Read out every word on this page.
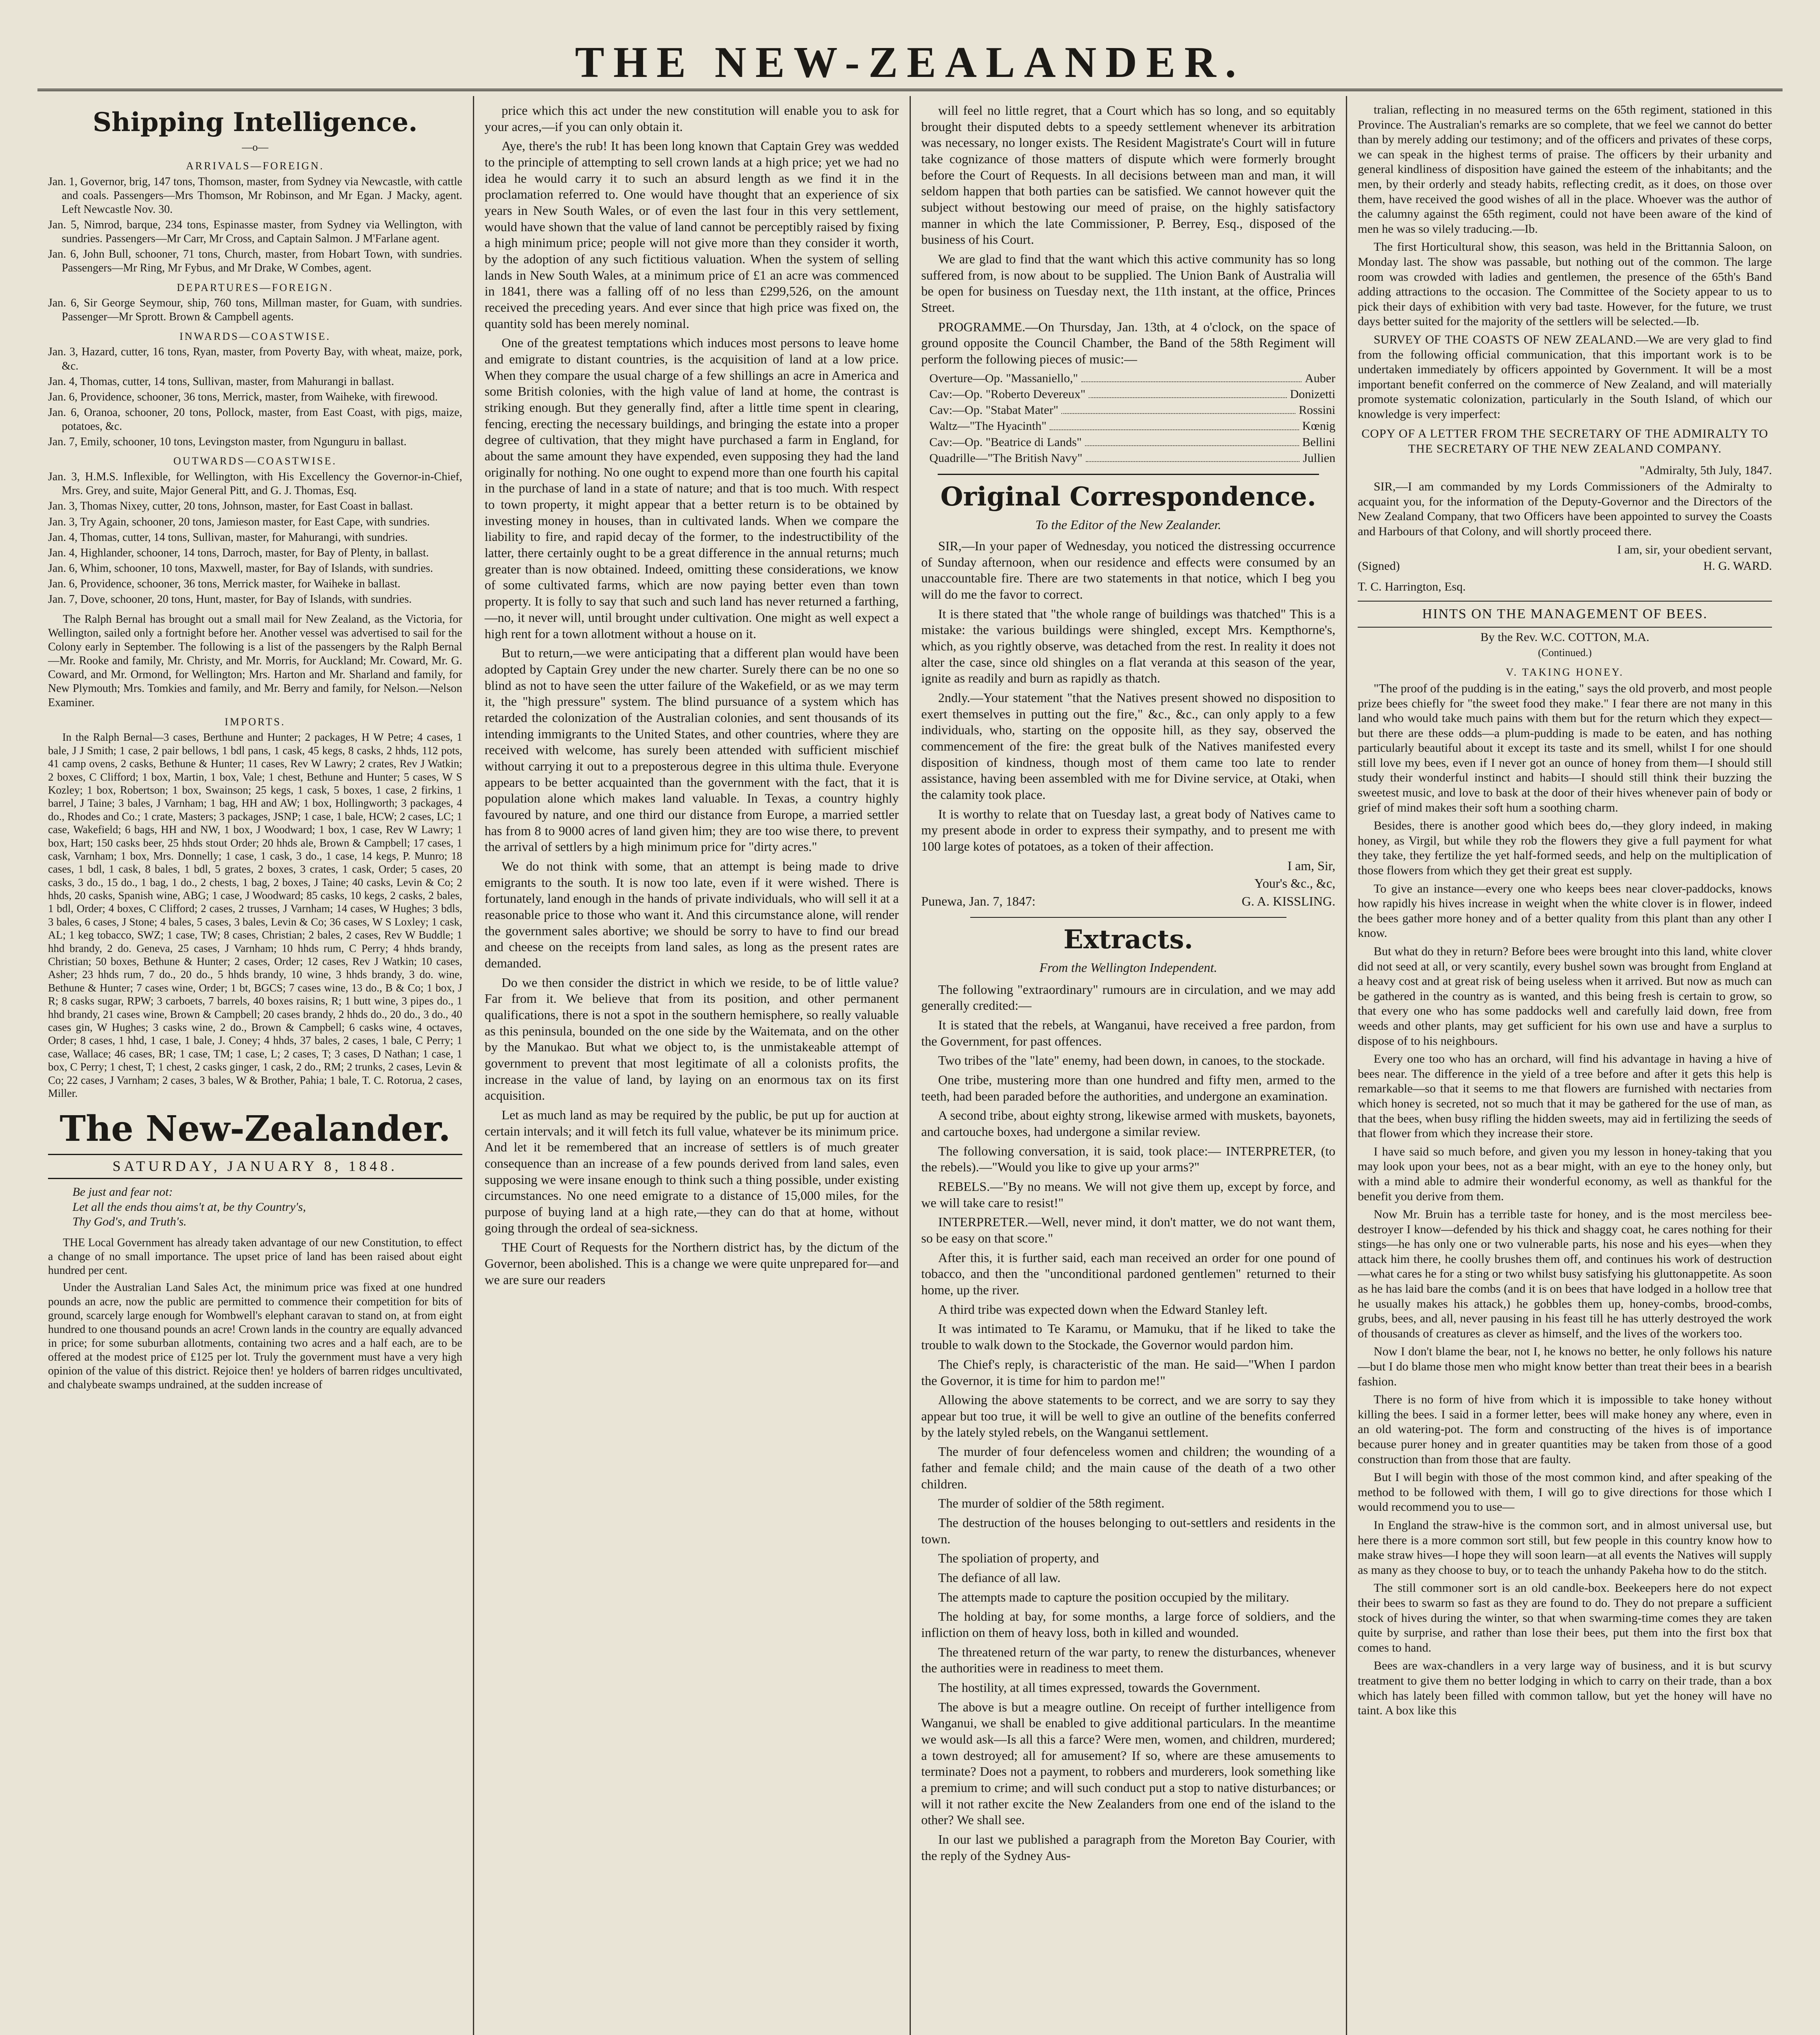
THE NEW-ZEALANDER.
Shipping Intelligence.
—o—
ARRIVALS—FOREIGN.

Jan. 1, Governor, brig, 147 tons, Thomson, master, from Sydney via Newcastle, with cattle and coals. Passengers—Mrs Thomson, Mr Robinson, and Mr Egan. J Macky, agent. Left Newcastle Nov. 30.

Jan. 5, Nimrod, barque, 234 tons, Espinasse master, from Sydney via Wellington, with sundries. Passengers—Mr Carr, Mr Cross, and Captain Salmon. J M'Farlane agent.

Jan. 6, John Bull, schooner, 71 tons, Church, master, from Hobart Town, with sundries. Passengers—Mr Ring, Mr Fybus, and Mr Drake, W Combes, agent.

DEPARTURES—FOREIGN.

Jan. 6, Sir George Seymour, ship, 760 tons, Millman master, for Guam, with sundries. Passenger—Mr Sprott. Brown & Campbell agents.

INWARDS—COASTWISE.

Jan. 3, Hazard, cutter, 16 tons, Ryan, master, from Poverty Bay, with wheat, maize, pork, &c.

Jan. 4, Thomas, cutter, 14 tons, Sullivan, master, from Mahurangi in ballast.

Jan. 6, Providence, schooner, 36 tons, Merrick, master, from Waiheke, with firewood.

Jan. 6, Oranoa, schooner, 20 tons, Pollock, master, from East Coast, with pigs, maize, potatoes, &c.

Jan. 7, Emily, schooner, 10 tons, Levingston master, from Ngunguru in ballast.

OUTWARDS—COASTWISE.

Jan. 3, H.M.S. Inflexible, for Wellington, with His Excellency the Governor-in-Chief, Mrs. Grey, and suite, Major General Pitt, and G. J. Thomas, Esq.

Jan. 3, Thomas Nixey, cutter, 20 tons, Johnson, master, for East Coast in ballast.

Jan. 3, Try Again, schooner, 20 tons, Jamieson master, for East Cape, with sundries.

Jan. 4, Thomas, cutter, 14 tons, Sullivan, master, for Mahurangi, with sundries.

Jan. 4, Highlander, schooner, 14 tons, Darroch, master, for Bay of Plenty, in ballast.

Jan. 6, Whim, schooner, 10 tons, Maxwell, master, for Bay of Islands, with sundries.

Jan. 6, Providence, schooner, 36 tons, Merrick master, for Waiheke in ballast.

Jan. 7, Dove, schooner, 20 tons, Hunt, master, for Bay of Islands, with sundries.

The Ralph Bernal has brought out a small mail for New Zealand, as the Victoria, for Wellington, sailed only a fortnight before her. Another vessel was advertised to sail for the Colony early in September. The following is a list of the passengers by the Ralph Bernal—Mr. Rooke and family, Mr. Christy, and Mr. Morris, for Auckland; Mr. Coward, Mr. G. Coward, and Mr. Ormond, for Wellington; Mrs. Harton and Mr. Sharland and family, for New Plymouth; Mrs. Tomkies and family, and Mr. Berry and family, for Nelson.—Nelson Examiner.

IMPORTS.

In the Ralph Bernal—3 cases, Berthune and Hunter; 2 packages, H W Petre; 4 cases, 1 bale, J J Smith; 1 case, 2 pair bellows, 1 bdl pans, 1 cask, 45 kegs, 8 casks, 2 hhds, 112 pots, 41 camp ovens, 2 casks, Bethune & Hunter; 11 cases, Rev W Lawry; 2 crates, Rev J Watkin; 2 boxes, C Clifford; 1 box, Martin, 1 box, Vale; 1 chest, Bethune and Hunter; 5 cases, W S Kozley; 1 box, Robertson; 1 box, Swainson; 25 kegs, 1 cask, 5 boxes, 1 case, 2 firkins, 1 barrel, J Taine; 3 bales, J Varnham; 1 bag, HH and AW; 1 box, Hollingworth; 3 packages, 4 do., Rhodes and Co.; 1 crate, Masters; 3 packages, JSNP; 1 case, 1 bale, HCW; 2 cases, LC; 1 case, Wakefield; 6 bags, HH and NW, 1 box, J Woodward; 1 box, 1 case, Rev W Lawry; 1 box, Hart; 150 casks beer, 25 hhds stout Order; 20 hhds ale, Brown & Campbell; 17 cases, 1 cask, Varnham; 1 box, Mrs. Donnelly; 1 case, 1 cask, 3 do., 1 case, 14 kegs, P. Munro; 18 cases, 1 bdl, 1 cask, 8 bales, 1 bdl, 5 grates, 2 boxes, 3 crates, 1 cask, Order; 5 cases, 20 casks, 3 do., 15 do., 1 bag, 1 do., 2 chests, 1 bag, 2 boxes, J Taine; 40 casks, Levin & Co; 2 hhds, 20 casks, Spanish wine, ABG; 1 case, J Woodward; 85 casks, 10 kegs, 2 casks, 2 bales, 1 bdl, Order; 4 boxes, C Clifford; 2 cases, 2 trusses, J Varnham; 14 cases, W Hughes; 3 bdls, 3 bales, 6 cases, J Stone; 4 bales, 5 cases, 3 bales, Levin & Co; 36 cases, W S Loxley; 1 cask, AL; 1 keg tobacco, SWZ; 1 case, TW; 8 cases, Christian; 2 bales, 2 cases, Rev W Buddle; 1 hhd brandy, 2 do. Geneva, 25 cases, J Varnham; 10 hhds rum, C Perry; 4 hhds brandy, Christian; 50 boxes, Bethune & Hunter; 2 cases, Order; 12 cases, Rev J Watkin; 10 cases, Asher; 23 hhds rum, 7 do., 20 do., 5 hhds brandy, 10 wine, 3 hhds brandy, 3 do. wine, Bethune & Hunter; 7 cases wine, Order; 1 bt, BGCS; 7 cases wine, 13 do., B & Co; 1 box, J R; 8 casks sugar, RPW; 3 carboets, 7 barrels, 40 boxes raisins, R; 1 butt wine, 3 pipes do., 1 hhd brandy, 21 cases wine, Brown & Campbell; 20 cases brandy, 2 hhds do., 20 do., 3 do., 40 cases gin, W Hughes; 3 casks wine, 2 do., Brown & Campbell; 6 casks wine, 4 octaves, Order; 8 cases, 1 hhd, 1 case, 1 bale, J. Coney; 4 hhds, 37 bales, 2 cases, 1 bale, C Perry; 1 case, Wallace; 46 cases, BR; 1 case, TM; 1 case, L; 2 cases, T; 3 cases, D Nathan; 1 case, 1 box, C Perry; 1 chest, T; 1 chest, 2 casks ginger, 1 cask, 2 do., RM; 2 trunks, 2 cases, Levin & Co; 22 cases, J Varnham; 2 cases, 3 bales, W & Brother, Pahia; 1 bale, T. C. Rotorua, 2 cases, Miller.

The New-Zealander.
SATURDAY, JANUARY 8, 1848.
Be just and fear not:
Let all the ends thou aims't at, be thy Country's,
Thy God's, and Truth's.

THE Local Government has already taken advantage of our new Constitution, to effect a change of no small importance. The upset price of land has been raised about eight hundred per cent.

Under the Australian Land Sales Act, the minimum price was fixed at one hundred pounds an acre, now the public are permitted to commence their competition for bits of ground, scarcely large enough for Wombwell's elephant caravan to stand on, at from eight hundred to one thousand pounds an acre! Crown lands in the country are equally advanced in price; for some suburban allotments, containing two acres and a half each, are to be offered at the modest price of £125 per lot. Truly the government must have a very high opinion of the value of this district. Rejoice then! ye holders of barren ridges uncultivated, and chalybeate swamps undrained, at the sudden increase of

price which this act under the new constitution will enable you to ask for your acres,—if you can only obtain it.

Aye, there's the rub! It has been long known that Captain Grey was wedded to the principle of attempting to sell crown lands at a high price; yet we had no idea he would carry it to such an absurd length as we find it in the proclamation referred to. One would have thought that an experience of six years in New South Wales, or of even the last four in this very settlement, would have shown that the value of land cannot be perceptibly raised by fixing a high minimum price; people will not give more than they consider it worth, by the adoption of any such fictitious valuation. When the system of selling lands in New South Wales, at a minimum price of £1 an acre was commenced in 1841, there was a falling off of no less than £299,526, on the amount received the preceding years. And ever since that high price was fixed on, the quantity sold has been merely nominal.

One of the greatest temptations which induces most persons to leave home and emigrate to distant countries, is the acquisition of land at a low price. When they compare the usual charge of a few shillings an acre in America and some British colonies, with the high value of land at home, the contrast is striking enough. But they generally find, after a little time spent in clearing, fencing, erecting the necessary buildings, and bringing the estate into a proper degree of cultivation, that they might have purchased a farm in England, for about the same amount they have expended, even supposing they had the land originally for nothing. No one ought to expend more than one fourth his capital in the purchase of land in a state of nature; and that is too much. With respect to town property, it might appear that a better return is to be obtained by investing money in houses, than in cultivated lands. When we compare the liability to fire, and rapid decay of the former, to the indestructibility of the latter, there certainly ought to be a great difference in the annual returns; much greater than is now obtained. Indeed, omitting these considerations, we know of some cultivated farms, which are now paying better even than town property. It is folly to say that such and such land has never returned a farthing,—no, it never will, until brought under cultivation. One might as well expect a high rent for a town allotment without a house on it.

But to return,—we were anticipating that a different plan would have been adopted by Captain Grey under the new charter. Surely there can be no one so blind as not to have seen the utter failure of the Wakefield, or as we may term it, the "high pressure" system. The blind pursuance of a system which has retarded the colonization of the Australian colonies, and sent thousands of its intending immigrants to the United States, and other countries, where they are received with welcome, has surely been attended with sufficient mischief without carrying it out to a preposterous degree in this ultima thule. Everyone appears to be better acquainted than the government with the fact, that it is population alone which makes land valuable. In Texas, a country highly favoured by nature, and one third our distance from Europe, a married settler has from 8 to 9000 acres of land given him; they are too wise there, to prevent the arrival of settlers by a high minimum price for "dirty acres."

We do not think with some, that an attempt is being made to drive emigrants to the south. It is now too late, even if it were wished. There is fortunately, land enough in the hands of private individuals, who will sell it at a reasonable price to those who want it. And this circumstance alone, will render the government sales abortive; we should be sorry to have to find our bread and cheese on the receipts from land sales, as long as the present rates are demanded.

Do we then consider the district in which we reside, to be of little value? Far from it. We believe that from its position, and other permanent qualifications, there is not a spot in the southern hemisphere, so really valuable as this peninsula, bounded on the one side by the Waitemata, and on the other by the Manukao. But what we object to, is the unmistakeable attempt of government to prevent that most legitimate of all a colonists profits, the increase in the value of land, by laying on an enormous tax on its first acquisition.

Let as much land as may be required by the public, be put up for auction at certain intervals; and it will fetch its full value, whatever be its minimum price. And let it be remembered that an increase of settlers is of much greater consequence than an increase of a few pounds derived from land sales, even supposing we were insane enough to think such a thing possible, under existing circumstances. No one need emigrate to a distance of 15,000 miles, for the purpose of buying land at a high rate,—they can do that at home, without going through the ordeal of sea-sickness.

THE Court of Requests for the Northern district has, by the dictum of the Governor, been abolished. This is a change we were quite unprepared for—and we are sure our readers

will feel no little regret, that a Court which has so long, and so equitably brought their disputed debts to a speedy settlement whenever its arbitration was necessary, no longer exists. The Resident Magistrate's Court will in future take cognizance of those matters of dispute which were formerly brought before the Court of Requests. In all decisions between man and man, it will seldom happen that both parties can be satisfied. We cannot however quit the subject without bestowing our meed of praise, on the highly satisfactory manner in which the late Commissioner, P. Berrey, Esq., disposed of the business of his Court.

We are glad to find that the want which this active community has so long suffered from, is now about to be supplied. The Union Bank of Australia will be open for business on Tuesday next, the 11th instant, at the office, Princes Street.

PROGRAMME.—On Thursday, Jan. 13th, at 4 o'clock, on the space of ground opposite the Council Chamber, the Band of the 58th Regiment will perform the following pieces of music:—

Overture—Op. "Massaniello,"	Auber
Cav:—Op. "Roberto Devereux"	Donizetti
Cav:—Op. "Stabat Mater"	Rossini
Waltz—"The Hyacinth"	Kœnig
Cav:—Op. "Beatrice di Lands"	Bellini
Quadrille—"The British Navy"	Jullien
Original Correspondence.
To the Editor of the New Zealander.

SIR,—In your paper of Wednesday, you noticed the distressing occurrence of Sunday afternoon, when our residence and effects were consumed by an unaccountable fire. There are two statements in that notice, which I beg you will do me the favor to correct.

It is there stated that "the whole range of buildings was thatched" This is a mistake: the various buildings were shingled, except Mrs. Kempthorne's, which, as you rightly observe, was detached from the rest. In reality it does not alter the case, since old shingles on a flat veranda at this season of the year, ignite as readily and burn as rapidly as thatch.

2ndly.—Your statement "that the Natives present showed no disposition to exert themselves in putting out the fire," &c., &c., can only apply to a few individuals, who, starting on the opposite hill, as they say, observed the commencement of the fire: the great bulk of the Natives manifested every disposition of kindness, though most of them came too late to render assistance, having been assembled with me for Divine service, at Otaki, when the calamity took place.

It is worthy to relate that on Tuesday last, a great body of Natives came to my present abode in order to express their sympathy, and to present me with 100 large kotes of potatoes, as a token of their affection.

I am, Sir,
Your's &c., &c,
Punewa, Jan. 7, 1847:	G. A. KISSLING.
Extracts.
From the Wellington Independent.

The following "extraordinary" rumours are in circulation, and we may add generally credited:—

It is stated that the rebels, at Wanganui, have received a free pardon, from the Government, for past offences.

Two tribes of the "late" enemy, had been down, in canoes, to the stockade.

One tribe, mustering more than one hundred and fifty men, armed to the teeth, had been paraded before the authorities, and undergone an examination.

A second tribe, about eighty strong, likewise armed with muskets, bayonets, and cartouche boxes, had undergone a similar review.

The following conversation, it is said, took place:— INTERPRETER, (to the rebels).—"Would you like to give up your arms?"

REBELS.—"By no means. We will not give them up, except by force, and we will take care to resist!"

INTERPRETER.—Well, never mind, it don't matter, we do not want them, so be easy on that score."

After this, it is further said, each man received an order for one pound of tobacco, and then the "unconditional pardoned gentlemen" returned to their home, up the river.

A third tribe was expected down when the Edward Stanley left.

It was intimated to Te Karamu, or Mamuku, that if he liked to take the trouble to walk down to the Stockade, the Governor would pardon him.

The Chief's reply, is characteristic of the man. He said—"When I pardon the Governor, it is time for him to pardon me!"

Allowing the above statements to be correct, and we are sorry to say they appear but too true, it will be well to give an outline of the benefits conferred by the lately styled rebels, on the Wanganui settlement.

The murder of four defenceless women and children; the wounding of a father and female child; and the main cause of the death of a two other children.

The murder of soldier of the 58th regiment.

The destruction of the houses belonging to out-settlers and residents in the town.

The spoliation of property, and

The defiance of all law.

The attempts made to capture the position occupied by the military.

The holding at bay, for some months, a large force of soldiers, and the infliction on them of heavy loss, both in killed and wounded.

The threatened return of the war party, to renew the disturbances, whenever the authorities were in readiness to meet them.

The hostility, at all times expressed, towards the Government.

The above is but a meagre outline. On receipt of further intelligence from Wanganui, we shall be enabled to give additional particulars. In the meantime we would ask—Is all this a farce? Were men, women, and children, murdered; a town destroyed; all for amusement? If so, where are these amusements to terminate? Does not a payment, to robbers and murderers, look something like a premium to crime; and will such conduct put a stop to native disturbances; or will it not rather excite the New Zealanders from one end of the island to the other? We shall see.

In our last we published a paragraph from the Moreton Bay Courier, with the reply of the Sydney Aus-

tralian, reflecting in no measured terms on the 65th regiment, stationed in this Province. The Australian's remarks are so complete, that we feel we cannot do better than by merely adding our testimony; and of the officers and privates of these corps, we can speak in the highest terms of praise. The officers by their urbanity and general kindliness of disposition have gained the esteem of the inhabitants; and the men, by their orderly and steady habits, reflecting credit, as it does, on those over them, have received the good wishes of all in the place. Whoever was the author of the calumny against the 65th regiment, could not have been aware of the kind of men he was so vilely traducing.—Ib.

The first Horticultural show, this season, was held in the Brittannia Saloon, on Monday last. The show was passable, but nothing out of the common. The large room was crowded with ladies and gentlemen, the presence of the 65th's Band adding attractions to the occasion. The Committee of the Society appear to us to pick their days of exhibition with very bad taste. However, for the future, we trust days better suited for the majority of the settlers will be selected.—Ib.

SURVEY OF THE COASTS OF NEW ZEALAND.—We are very glad to find from the following official communication, that this important work is to be undertaken immediately by officers appointed by Government. It will be a most important benefit conferred on the commerce of New Zealand, and will materially promote systematic colonization, particularly in the South Island, of which our knowledge is very imperfect:

COPY OF A LETTER FROM THE SECRETARY OF THE ADMIRALTY TO THE SECRETARY OF THE NEW ZEALAND COMPANY.
"Admiralty, 5th July, 1847.

SIR,—I am commanded by my Lords Commissioners of the Admiralty to acquaint you, for the information of the Deputy-Governor and the Directors of the New Zealand Company, that two Officers have been appointed to survey the Coasts and Harbours of that Colony, and will shortly proceed there.

I am, sir, your obedient servant,
(Signed)	H. G. WARD.
T. C. Harrington, Esq.
HINTS ON THE MANAGEMENT OF BEES.
By the Rev. W.C. COTTON, M.A.
(Continued.)
V. TAKING HONEY.

"The proof of the pudding is in the eating," says the old proverb, and most people prize bees chiefly for "the sweet food they make." I fear there are not many in this land who would take much pains with them but for the return which they expect—but there are these odds—a plum-pudding is made to be eaten, and has nothing particularly beautiful about it except its taste and its smell, whilst I for one should still love my bees, even if I never got an ounce of honey from them—I should still study their wonderful instinct and habits—I should still think their buzzing the sweetest music, and love to bask at the door of their hives whenever pain of body or grief of mind makes their soft hum a soothing charm.

Besides, there is another good which bees do,—they glory indeed, in making honey, as Virgil, but while they rob the flowers they give a full payment for what they take, they fertilize the yet half-formed seeds, and help on the multiplication of those flowers from which they get their great est supply.

To give an instance—every one who keeps bees near clover-paddocks, knows how rapidly his hives increase in weight when the white clover is in flower, indeed the bees gather more honey and of a better quality from this plant than any other I know.

But what do they in return? Before bees were brought into this land, white clover did not seed at all, or very scantily, every bushel sown was brought from England at a heavy cost and at great risk of being useless when it arrived. But now as much can be gathered in the country as is wanted, and this being fresh is certain to grow, so that every one who has some paddocks well and carefully laid down, free from weeds and other plants, may get sufficient for his own use and have a surplus to dispose of to his neighbours.

Every one too who has an orchard, will find his advantage in having a hive of bees near. The difference in the yield of a tree before and after it gets this help is remarkable—so that it seems to me that flowers are furnished with nectaries from which honey is secreted, not so much that it may be gathered for the use of man, as that the bees, when busy rifling the hidden sweets, may aid in fertilizing the seeds of that flower from which they increase their store.

I have said so much before, and given you my lesson in honey-taking that you may look upon your bees, not as a bear might, with an eye to the honey only, but with a mind able to admire their wonderful economy, as well as thankful for the benefit you derive from them.

Now Mr. Bruin has a terrible taste for honey, and is the most merciless bee-destroyer I know—defended by his thick and shaggy coat, he cares nothing for their stings—he has only one or two vulnerable parts, his nose and his eyes—when they attack him there, he coolly brushes them off, and continues his work of destruction—what cares he for a sting or two whilst busy satisfying his gluttonappetite. As soon as he has laid bare the combs (and it is on bees that have lodged in a hollow tree that he usually makes his attack,) he gobbles them up, honey-combs, brood-combs, grubs, bees, and all, never pausing in his feast till he has utterly destroyed the work of thousands of creatures as clever as himself, and the lives of the workers too.

Now I don't blame the bear, not I, he knows no better, he only follows his nature—but I do blame those men who might know better than treat their bees in a bearish fashion.

There is no form of hive from which it is impossible to take honey without killing the bees. I said in a former letter, bees will make honey any where, even in an old watering-pot. The form and constructing of the hives is of importance because purer honey and in greater quantities may be taken from those of a good construction than from those that are faulty.

But I will begin with those of the most common kind, and after speaking of the method to be followed with them, I will go to give directions for those which I would recommend you to use—

In England the straw-hive is the common sort, and in almost universal use, but here there is a more common sort still, but few people in this country know how to make straw hives—I hope they will soon learn—at all events the Natives will supply as many as they choose to buy, or to teach the unhandy Pakeha how to do the stitch.

The still commoner sort is an old candle-box. Beekeepers here do not expect their bees to swarm so fast as they are found to do. They do not prepare a sufficient stock of hives during the winter, so that when swarming-time comes they are taken quite by surprise, and rather than lose their bees, put them into the first box that comes to hand.

Bees are wax-chandlers in a very large way of business, and it is but scurvy treatment to give them no better lodging in which to carry on their trade, than a box which has lately been filled with common tallow, but yet the honey will have no taint. A box like this
